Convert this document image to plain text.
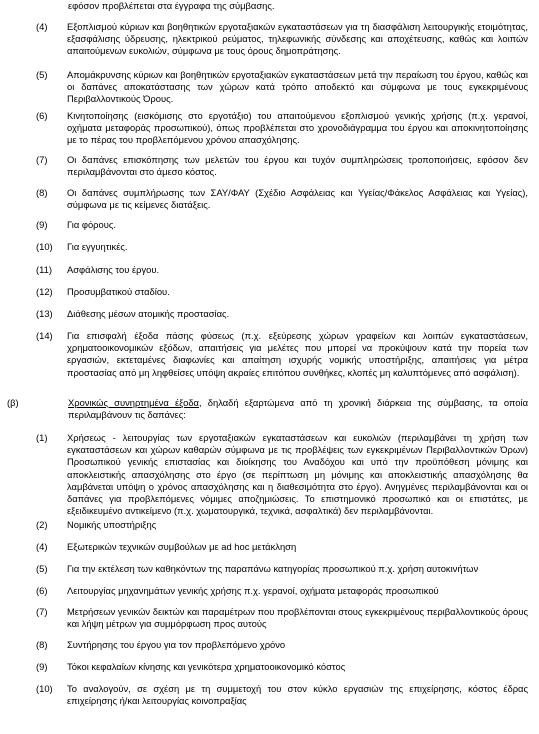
εφόσον προβλέπεται στα έγγραφα της σύμβασης.
(4)	Εξοπλισμού κύριων και βοηθητικών εργοταξιακών εγκαταστάσεων για τη διασφάλιση λειτουργικής ετοιμότητας, εξασφάλισης ύδρευσης, ηλεκτρικού ρεύματος, τηλεφωνικής σύνδεσης και αποχέτευσης, καθώς και λοιπών απαιτούμενων ευκολιών, σύμφωνα με τους όρους δημοπράτησης.
(5)	Απομάκρυνσης κύριων και βοηθητικών εργοταξιακών εγκαταστάσεων μετά την περαίωση του έργου, καθώς και οι δαπάνες αποκατάστασης των χώρων κατά τρόπο αποδεκτό και σύμφωνα με τους εγκεκριμένους Περιβαλλοντικούς Όρους.
(6)	Κινητοποίησης (εισκόμισης στο εργοτάξιο) του απαιτούμενου εξοπλισμού γενικής χρήσης (π.χ. γερανοί, οχήματα μεταφοράς προσωπικού), όπως προβλέπεται στο χρονοδιάγραμμα του έργου και αποκινητοποίησης με το πέρας του προβλεπόμενου χρόνου απασχόλησης.
(7)	Οι δαπάνες επισκόπησης των μελετών του έργου και τυχόν συμπληρώσεις τροποποιήσεις, εφόσον δεν περιλαμβάνονται στο άμεσο κόστος.
(8)	Οι δαπάνες συμπλήρωσης των ΣΑΥ/ΦΑΥ (Σχέδιο Ασφάλειας και Υγείας/Φάκελος Ασφάλειας και Υγείας), σύμφωνα με τις κείμενες διατάξεις.
(9)	Για φόρους.
(10)	Για εγγυητικές.
(11)	Ασφάλισης του έργου.
(12)	Προσυμβατικού σταδίου.
(13)	Διάθεσης μέσων ατομικής προστασίας.
(14)	Για επισφαλή έξοδα πάσης φύσεως (π.χ. εξεύρεσης χώρων γραφείων και λοιπών εγκαταστάσεων, χρηματοοικονομικών εξόδων, απαιτήσεις για μελέτες που μπορεί να προκύψουν κατά την πορεία των εργασιών, εκτεταμένες διαφωνίες και απαίτηση ισχυρής νομικής υποστήριξης, απαιτήσεις για μέτρα προστασίας από μη ληφθείσες υπόψη ακραίες επιτόπου συνθήκες, κλοπές μη καλυπτόμενες από ασφάλιση).
(β)	Χρονικώς συνηρτημένα έξοδα, δηλαδή εξαρτώμενα από τη χρονική διάρκεια της σύμβασης, τα οποία περιλαμβάνουν τις δαπάνες:
(1)	Χρήσεως - λειτουργίας των εργοταξιακών εγκαταστάσεων και ευκολιών (περιλαμβάνει τη χρήση των εγκαταστάσεων και χώρων καθαρών σύμφωνα με τις προβλέψεις των εγκεκριμένων Περιβαλλοντικών Όρων) Προσωπικού γενικής επιστασίας και διοίκησης του Αναδόχου και υπό την προϋπόθεση μόνιμης και αποκλειστικής απασχόλησης στο έργο (σε περίπτωση μη μόνιμης και αποκλειστικής απασχόλησης θα λαμβάνεται υπόψη ο χρόνος απασχόλησης και η διαθεσιμότητα στο έργο). Ανηγμένες περιλαμβάνονται και οι δαπάνες για προβλεπόμενες νόμιμες αποζημιώσεις. Το επιστημονικό προσωπικό και οι επιστάτες, με εξειδικευμένο αντικείμενο (π.χ. χωματουργικά, τεχνικά, ασφαλτικά) δεν περιλαμβάνονται.
(2)	Νομικής υποστήριξης
(4)	Εξωτερικών τεχνικών συμβούλων με ad hoc μετάκληση
(5)	Για την εκτέλεση των καθηκόντων της παραπάνω κατηγορίας προσωπικού π.χ. χρήση αυτοκινήτων
(6)	Λειτουργίας μηχανημάτων γενικής χρήσης π.χ. γερανοί, οχήματα μεταφοράς προσωπικού
(7)	Μετρήσεων γενικών δεικτών και παραμέτρων που προβλέπονται στους εγκεκριμένους περιβαλλοντικούς όρους και λήψη μέτρων για συμμόρφωση προς αυτούς
(8)	Συντήρησης του έργου για τον προβλεπόμενο χρόνο
(9)	Τόκοι κεφαλαίων κίνησης και γενικότερα χρηματοοικονομικό κόστος
(10)	Το αναλογούν, σε σχέση με τη συμμετοχή του στον κύκλο εργασιών της επιχείρησης, κόστος έδρας επιχείρησης ή/και λειτουργίας κοινοπραξίας
